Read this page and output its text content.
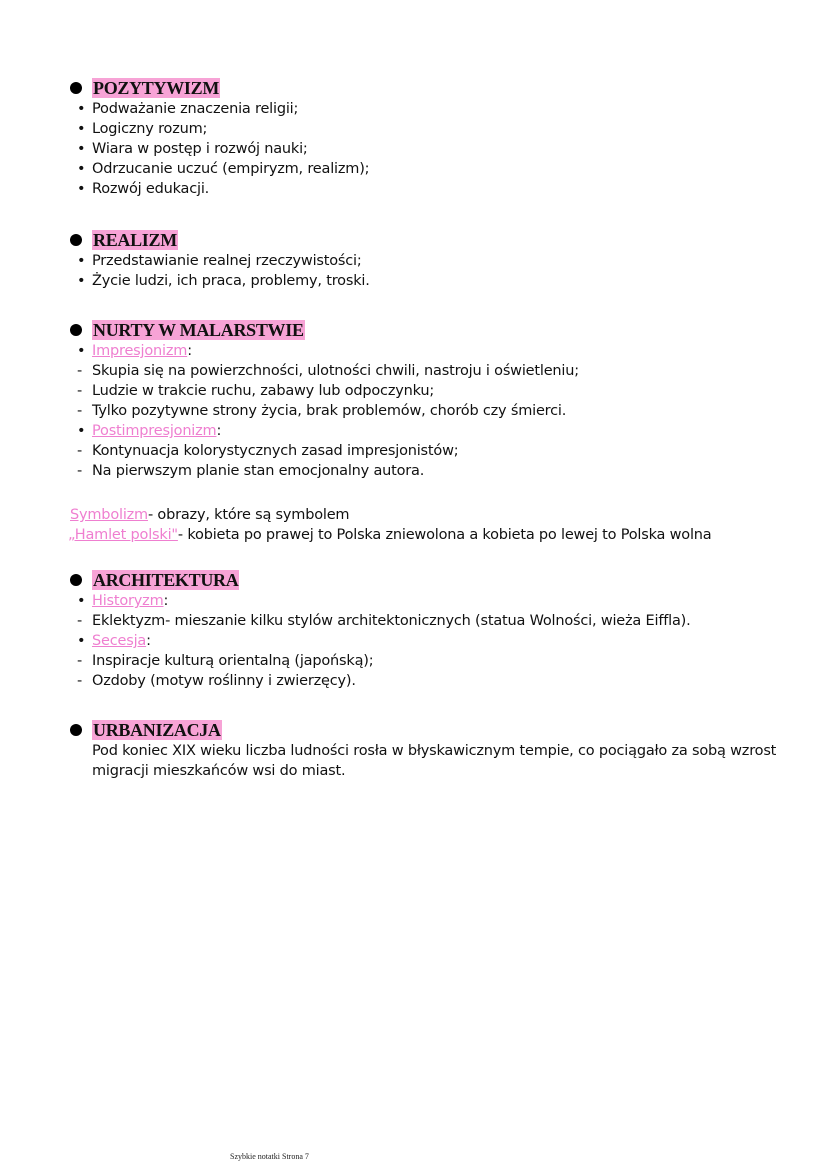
POZYTYWIZM
• Podważanie znaczenia religii;
• Logiczny rozum;
• Wiara w postęp i rozwój nauki;
• Odrzucanie uczuć (empiryzm, realizm);
• Rozwój edukacji.
REALIZM
• Przedstawianie realnej rzeczywistości;
• Życie ludzi, ich praca, problemy, troski.
NURTY W MALARSTWIE
• Impresjonizm:
- Skupia się na powierzchności, ulotności chwili, nastroju i oświetleniu;
- Ludzie w trakcie ruchu, zabawy lub odpoczynku;
- Tylko pozytywne strony życia, brak problemów, chorób czy śmierci.
• Postimpresjonizm:
- Kontynuacja kolorystycznych zasad impresjonistów;
- Na pierwszym planie stan emocjonalny autora.
Symbolizm- obrazy, które są symbolem
„Hamlet polski"- kobieta po prawej to Polska zniewolona a kobieta po lewej to Polska wolna
ARCHITEKTURA
• Historyzm:
- Eklektyzm- mieszanie kilku stylów architektonicznych (statua Wolności, wieża Eiffla).
• Secesja:
- Inspiracje kulturą orientalną (japońską);
- Ozdoby (motyw roślinny i zwierzęcy).
URBANIZACJA
Pod koniec XIX wieku liczba ludności rosła w błyskawicznym tempie, co pociągało za sobą wzrost migracji mieszkańców wsi do miast.
Szybkie notatki Strona 7
